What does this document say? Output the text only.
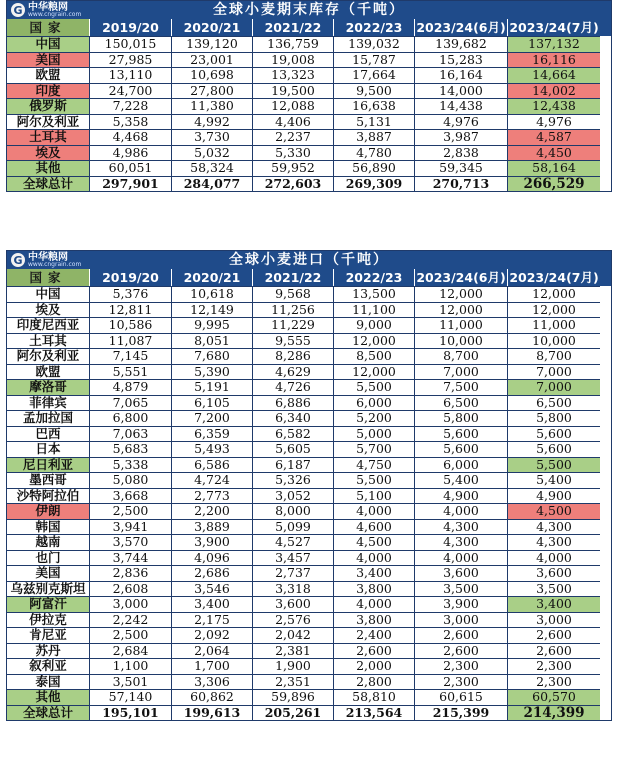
G 中华粮网
www.cngrain.com	全球小麦期末库存（千吨）
国家	2019/20	2020/21	2021/22	2022/23	2023/24(6月) 2023/24(7月)
中国	150,015	139,120	136,759	139,032	139,682	137,132
美国	27,985	23,001	19,008	15,787	15,283	16,116
欧盟	13,110	10,698	13,323	17,664	16,164	14,664
印度	24,700	27,800	19,500	9,500	14,000	14,002
俄罗斯	7,228	11,380	12,088	16,638	14,438	12,438
阿尔及利亚	5,358	4,992	4,406	5,131	4,976	4,976
土耳其	4,468	3,730	2,237	3,887	3,987	4,587
埃及	4,986	5,032	5,330	4,780	2,838	4,450
其他	60,051	58,324	59,952	56,890	59,345	58,164
全球总计	297,901	284,077	272,603	269,309	270,713	266,529
G 中华粮网
www.cngrain.com	全球小麦进口（千吨）
国家	2019/20	2020/21	2021/22	2022/23	2023/24(6月) 2023/24(7月)
中国	5,376	10,618	9,568	13,500	12,000	12,000
埃及	12,811	12,149	11,256	11,100	12,000	12,000
印度尼西亚	10,586	9,995	11,229	9,000	11,000	11,000
土耳其	11,087	8,051	9,555	12,000	10,000	10,000
阿尔及利亚	7,145	7,680	8,286	8,500	8,700	8,700
欧盟	5,551	5,390	4,629	12,000	7,000	7,000
摩洛哥	4,879	5,191	4,726	5,500	7,500	7,000
菲律宾	7,065	6,105	6,886	6,000	6,500	6,500
孟加拉国	6,800	7,200	6,340	5,200	5,800	5,800
巴西	7,063	6,359	6,582	5,000	5,600	5,600
日本	5,683	5,493	5,605	5,700	5,600	5,600
尼日利亚	5,338	6,586	6,187	4,750	6,000	5,500
墨西哥	5,080	4,724	5,326	5,500	5,400	5,400
沙特阿拉伯	3,668	2,773	3,052	5,100	4,900	4,900
伊朗	2,500	2,200	8,000	4,000	4,000	4,500
韩国	3,941	3,889	5,099	4,600	4,300	4,300
越南	3,570	3,900	4,527	4,500	4,300	4,300
也门	3,744	4,096	3,457	4,000	4,000	4,000
美国	2,836	2,686	2,737	3,400	3,600	3,600
乌兹别克斯坦	2,608	3,546	3,318	3,800	3,500	3,500
阿富汗	3,000	3,400	3,600	4,000	3,900	3,400
伊拉克	2,242	2,175	2,576	3,800	3,000	3,000
肯尼亚	2,500	2,092	2,042	2,400	2,600	2,600
苏丹	2,684	2,064	2,381	2,600	2,600	2,600
叙利亚	1,100	1,700	1,900	2,000	2,300	2,300
泰国	3,501	3,306	2,351	2,800	2,300	2,300
其他	57,140	60,862	59,896	58,810	60,615	60,570
全球总计	195,101	199,613	205,261	213,564	215,399	214,399
